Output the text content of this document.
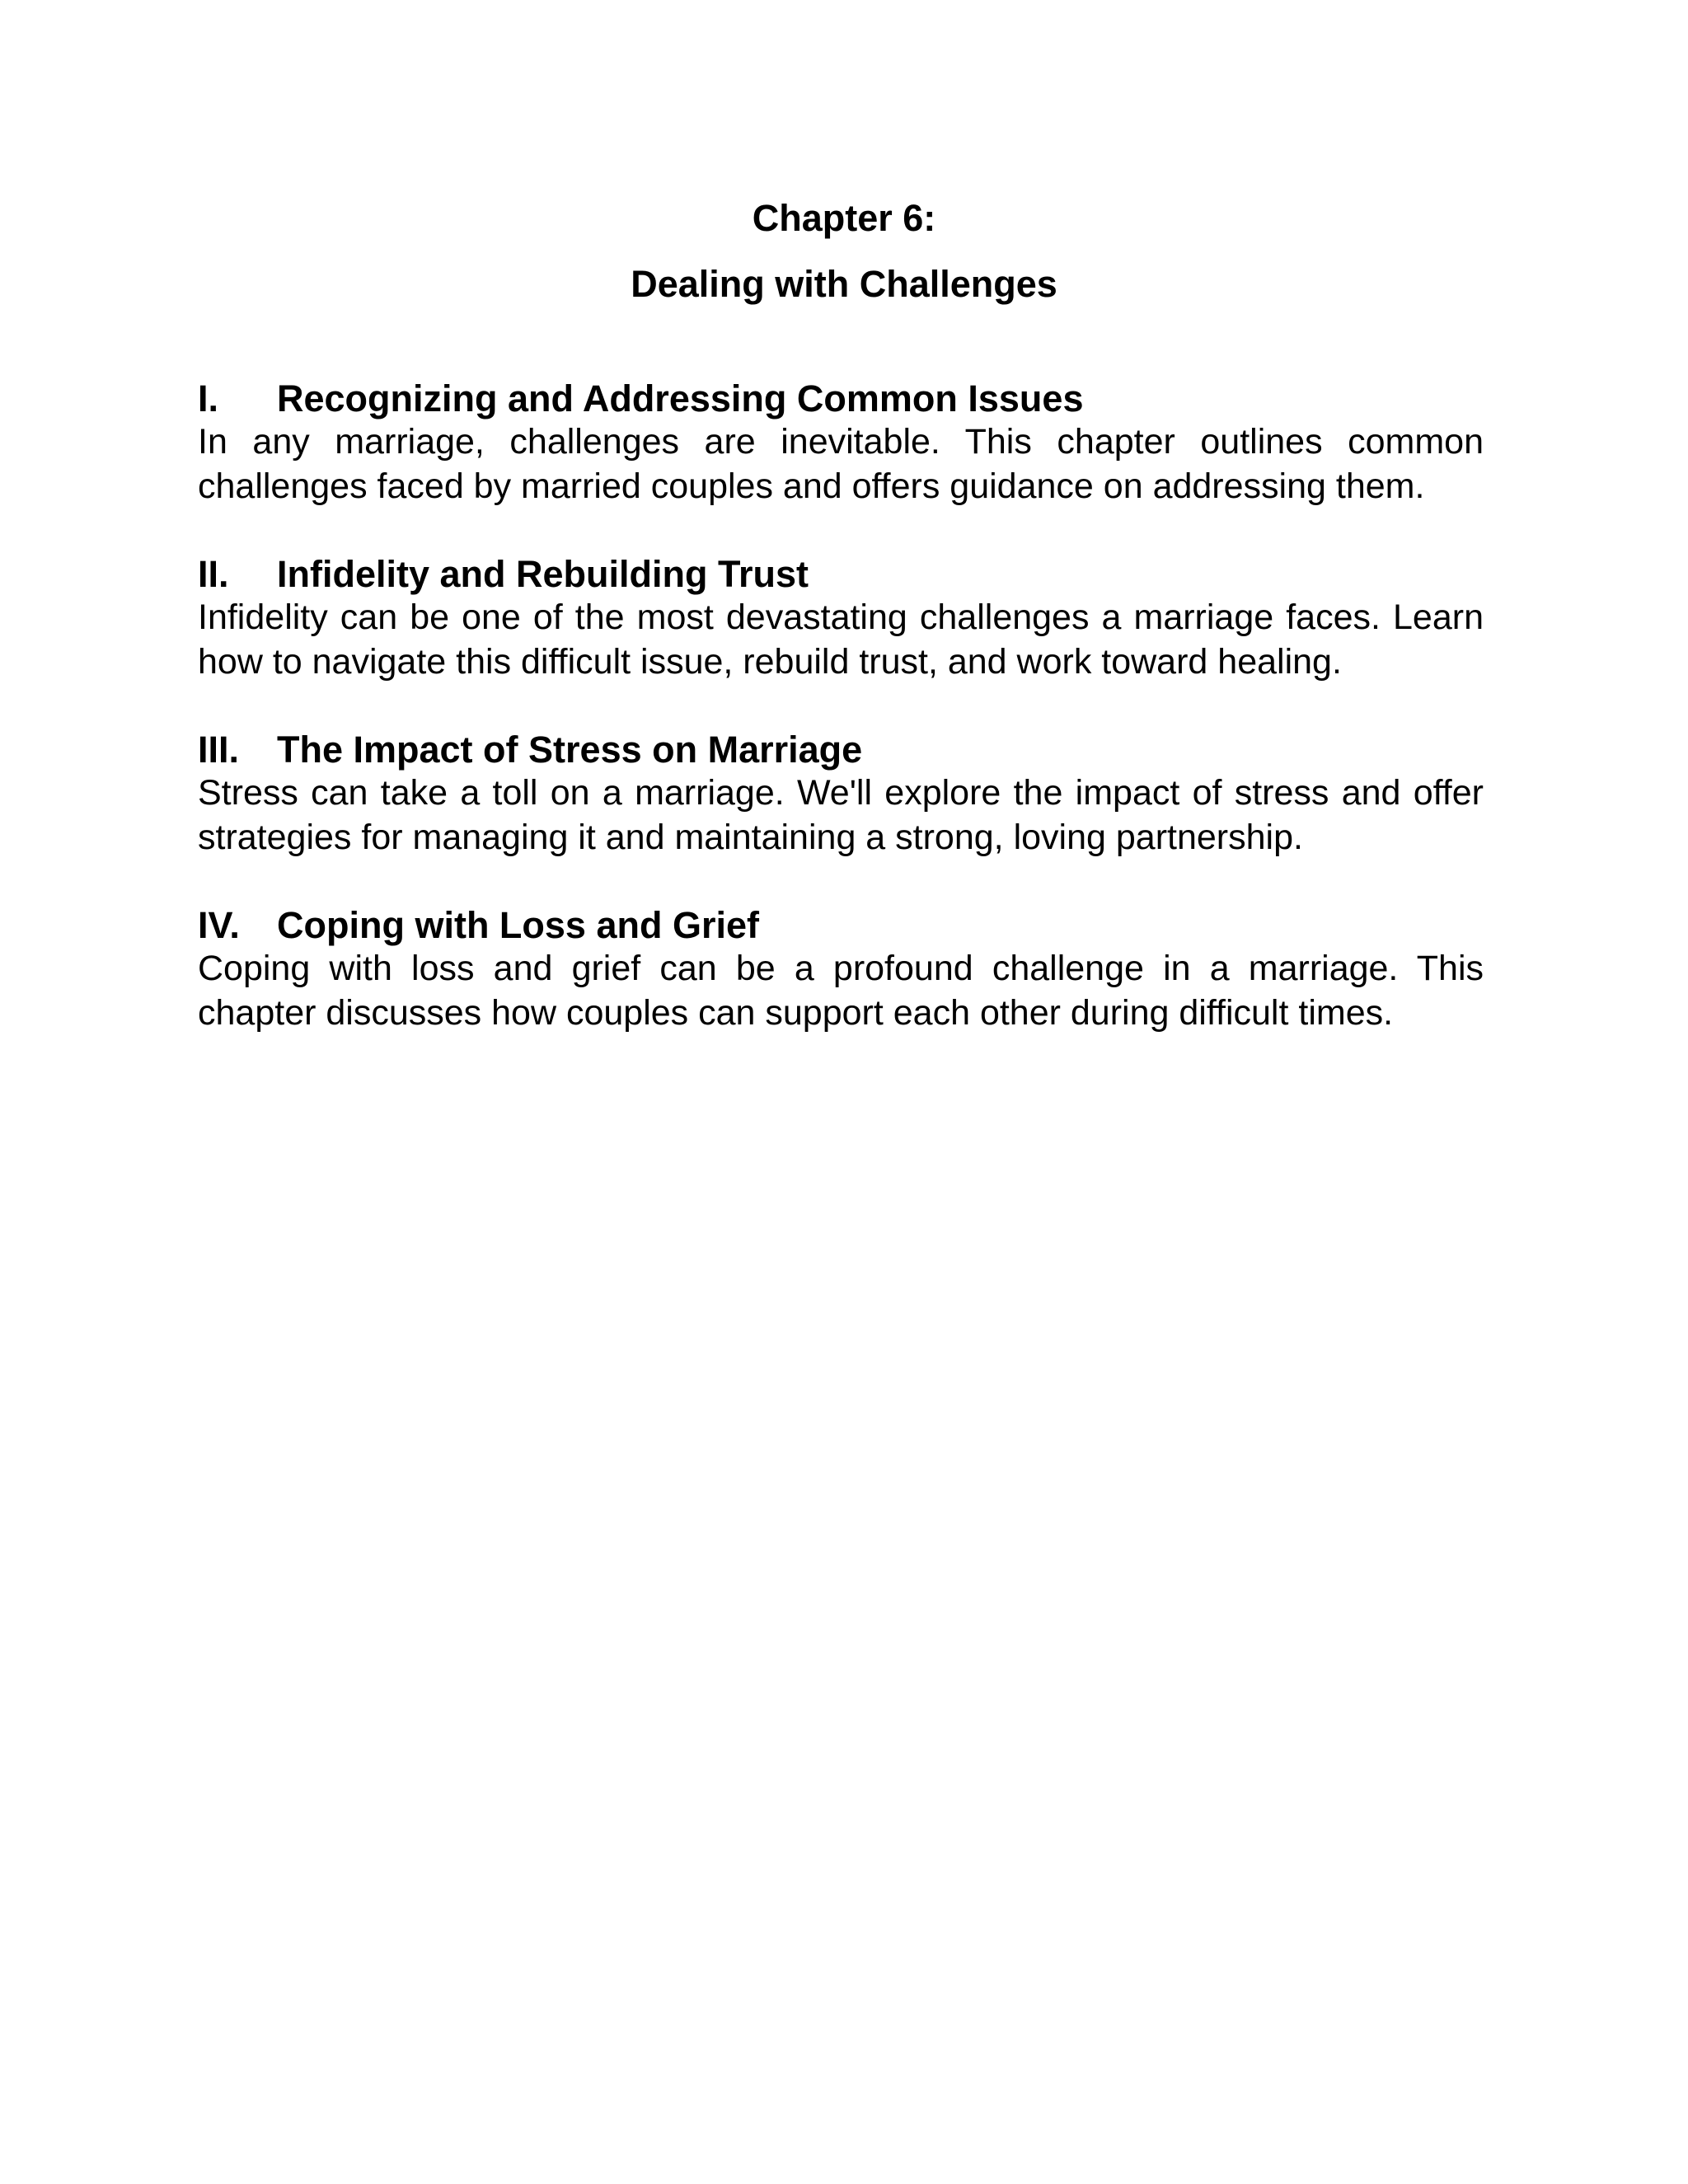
Chapter 6:
Dealing with Challenges
I.	Recognizing and Addressing Common Issues

In any marriage, challenges are inevitable. This chapter outlines common challenges faced by married couples and offers guidance on addressing them.

II.	Infidelity and Rebuilding Trust

Infidelity can be one of the most devastating challenges a marriage faces. Learn how to navigate this difficult issue, rebuild trust, and work toward healing.

III.	The Impact of Stress on Marriage

Stress can take a toll on a marriage. We'll explore the impact of stress and offer strategies for managing it and maintaining a strong, loving partnership.

IV.	Coping with Loss and Grief

Coping with loss and grief can be a profound challenge in a marriage. This chapter discusses how couples can support each other during difficult times.
